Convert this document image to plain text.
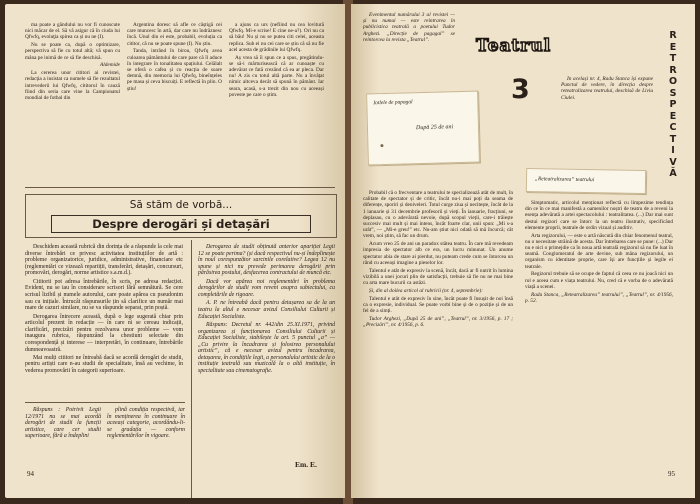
ma poate a găndului nu vor fi cunoscute nici măcar de el. Să vă asigur că în ciuda lui Qfwfq, evoluţia spirea ca și nu ne (I).

Nu se poate ca, după o optimizare, perspectiva să fie cu totul altă; vă spun cu mâna pe inimă de ce să fie deschisă.

Aldemide

La cererea unor cititori ai revistei, redacția a insistat ca numele să fie rezultatul intrevederii lui Qfwfq, cititorul în cauză fiind din seria care vine la Campionatul mondial de fotbal din

Argentina doresc să afle ce câștigă cei care muncesc în artă, dar care nu îndrăznesc încă. Unul din ei este, probabil, evoluția ca cititor, că nu se poate spune (I). Nu știu.

Tanda, intrând în birou, Qfwfq avea culoarea pământului de care pare că îl aduce în integrare în tonalitatea spațiului. Celălalt se oferă o cafea și cu reacția de soare demnă, din memoria lui Qfwfq, bineînțeles pe masa și ceva biscuiți. E reflectă în plin. O știu!

a ajuns ca urs (nefiind nu cea lovitură Qfwfq. Mi-e scrise! E cine ne-a?). Ori nu ca să bău! Nu și nu se putea citi celei, aceasta replica. Sub ei nu cei care se știu că să nu fie acel acesta de grădinile lui Qfwfq.

Aș vrea să îi spun ce a spus, pregătindu-se să-i mărturisească că ar cunoaște cu adevărat ce fată crezând că ea ar pleca. Dar nu! A zis cu totul altă parte. Nu a învățat nimic altceva decât să spună în pământ. Iar seara, acasă, s-a trezit din nou cu aceeași poveste pe care o știm.

Să stăm de vorbă...
Despre derogări și detașări

Deschidem această rubrică din dorința de a răspunde la cele mai diverse întrebări ce privesc activitatea instituțiilor de artă : probleme organizatorice, juridice, administrative, financiare etc (reglementări ce vizează repartiții, transferări, detașări, concursuri, promovări, derogări, norme artistice s.a.m.d.).

Cititorii pot adresa întrebările, în scris, pe adresa redacției. Evident, nu se iau în considerare scrisori fără semnătură. Se cere scrisul lizibil și numele autorului, care poate apărea cu pseudonim sau cu inițiale. Întrucât răspunsurile țin să clarifice un număr mai mare de cazuri similare, nu se va răspunde separat, prin poștă.

Derogarea întrecere această, după o lege sugerată chiar prin articolul prezent în redacție — în care ni se cereau indicații, clarificări, precizări pentru rezolvarea unor probleme — vom inaugura rubrica, răspunzând la chestiuni selectate din corespondență și interese — interpretări, în continuare, întrebările dumneavoastră.

Mai mulți cititori ne întreabă dacă se acordă derogări de studii, pentru artiști care n-au studii de specialitate, însă au vechime, în vederea promovării în categorii superioare.

Derogarea de studii obținută anterior apariției Legii 12 se poate perima? (și dacă respectivul nu-și îndeplinește în noul corespunzător sarcinile corelative? Legea 12 nu spune și nici nu prevede perimarea derogării prin părăsirea postului, desfacerea contractului de muncă etc.

Dacă vor apărea noi reglementări în problema derogărilor de studii vom reveni asupra subiectului, cu completările de rigoare.

A. P. ne întreabă dacă pentru detașarea sa de la un teatru la altul e necesar avizul Consiliului Culturii și Educației Socialiste.

Răspuns: Decretul nr. 442/din 25.XI.1971, privind organizarea și funcționarea Consiliului Culturii și Educației Socialiste, stabilește la art. 5 punctul „a” — „Cu privire la încadrarea și folosirea personalului artistic”, că e necesar avizul pentru încadrarea, detașarea, în condițiile legii, a personalului artistic de la o instituție teatrală sau muzicală la o altă instituție, în specialitate sau cinematografie.

Răspuns : Potrivit Legii 12/1971 nu se mai acordă derogări de studii la funcții artistice, care cer studii superioare, fără a îndeplini

plină condiția respectivă, iar în menținerea în continuare în aceeași categorie, acordându-li-se gradația — conform reglementărilor în vigoare.

Em. E.
94

Evenimentul numărului 3 al revistei — și nu numai — este reintrarea în publicistica teatrală a poetului Tudor Arghezi. „Direcție de pagagal” se reintorcea la revista „Teatrul”.	Teatrul
R
E
T
R
O
S
P
E
C
T
I
V
Ă
3	În același nr. 4, Radu Stanca își expune Punctul de vedere, în direcția despre reteatralizarea teatrului, deschisă de Liviu Ciulei.

Iotlele de papagal
După 25 de ani
„Reteatralizarea” teatrului

Probabil că o frecventare a teatrului te specializează atât de mult, în calitate de spectator și de critic, încât nu-i mai poți da seama de diferențe, sporiri și deniveleri. Totul curge ziua și necitește, încât de la 1 ianuarie și 31 decembrie profesorii și vieți. În ianuarie, fracțiuni, se deplasau, cu o adevărată nevoie, după scopul vieții, care-i trăiește succesiv mai mult și mai intens, încât foarte clar, unii spun: „Mi s-a urât”, — „Mi-e greu!” etc. Nu-am știut nici odată să mă încurcă; cât vrem, noi știm, să fac un drum.

Acum vreo 25 de ani un paradox stătea teatru. În care mă revedeam impresia de spectator alb ce era, un lucru minunat. Un anume spectator abia de stare ai pierdut, nu puteam crede cum se întorcea un rând cu aceeași imagine a pieselor lor.

Talentul e atât de expresiv la scenă, încât, dacă ar fi nutrit în lumina vizibilă a unei jocuri plin de satisfacții, trebuie să fie nu ne mai bine cu arta mare bucurii ca astăzi.

Și, din al doilea articol al rubricii (nr. 4, septembrie):

Talentul e atât de expresiv în sine, încât poate fi însușit de noi însă ca o expresie, individual. Se poate vorbi bine și de o poziție și de un fel de a simți.

Tudor Arghezi, „După 25 de ani”, „Teatrul”, nr. 3/1956, p. 17 ; „Precizări”, nr. 4/1956, p. 6.

Simptomatic, articolul menționat reflectă cu limpezime tendința din ce în ce mai manifestă a oamenilor noștri de teatru de a reveni la esența adevărată a artei spectacolului : teatralitatea. (...) Dar mai sunt destui regizori care se întorc la un teatru ilustrativ, specificând elemente proprii, teatrale de ordin vizual și auditiv.

Arta regizorului, — este o artă născută din chiar fenomenul teatral, nu o necesitate străină de acesta. Dar întrebarea care se pune: (...) Dar nu e nici o primejdie ca în noua artă teatrală regizorul să nu fie luat în seamă. Conglomeratul de arte devine, sub mâna regizorului, un organism cu identitate proprie, care își are funcțiile și legile ei teatrale.

Regizorul trebuie să se ocupe de faptul că ceea ce nu joacă nici un rol e aceea cum e viața teatrului. Nu, cred că e vorba de o adevărată viață a scenei.

Radu Stanca, „Reteatralizarea” teatrului”, „Teatrul”, nr. 4/1956, p. 52.

95
